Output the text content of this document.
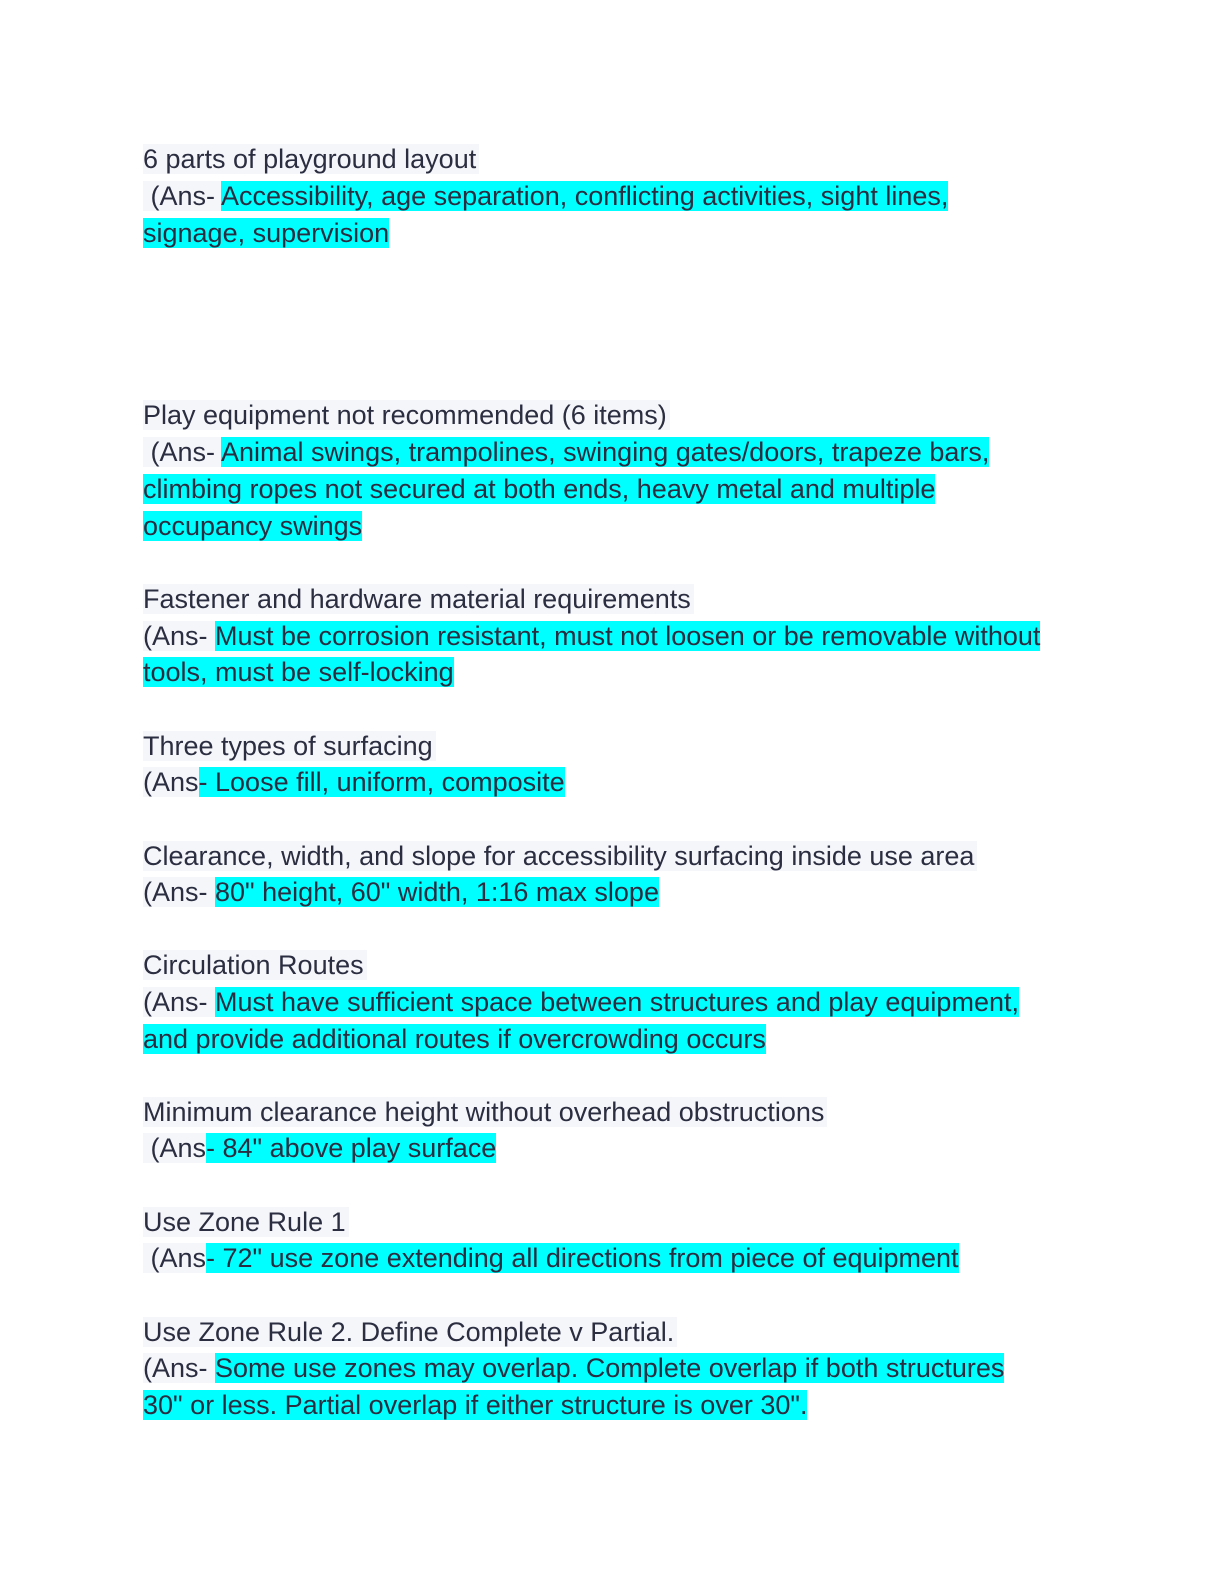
6 parts of playground layout
(Ans- Accessibility, age separation, conflicting activities, sight lines,
signage, supervision
Play equipment not recommended (6 items)
(Ans- Animal swings, trampolines, swinging gates/doors, trapeze bars,
climbing ropes not secured at both ends, heavy metal and multiple
occupancy swings
Fastener and hardware material requirements
(Ans- Must be corrosion resistant, must not loosen or be removable without
tools, must be self-locking
Three types of surfacing
(Ans- Loose fill, uniform, composite
Clearance, width, and slope for accessibility surfacing inside use area
(Ans- 80" height, 60" width, 1:16 max slope
Circulation Routes
(Ans- Must have sufficient space between structures and play equipment,
and provide additional routes if overcrowding occurs
Minimum clearance height without overhead obstructions
(Ans- 84" above play surface
Use Zone Rule 1
(Ans- 72" use zone extending all directions from piece of equipment
Use Zone Rule 2. Define Complete v Partial.
(Ans- Some use zones may overlap. Complete overlap if both structures
30" or less. Partial overlap if either structure is over 30".
